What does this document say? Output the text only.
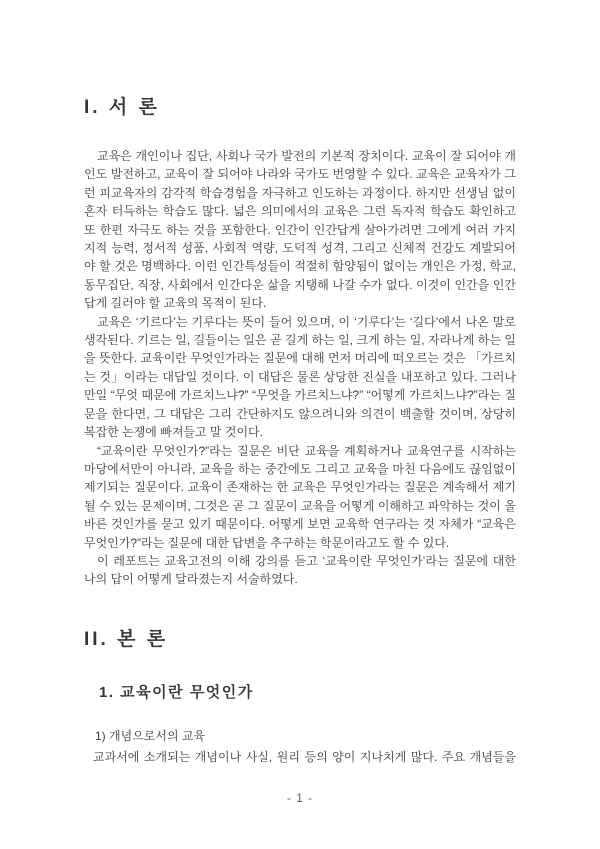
I. 서 론

교육은 개인이나 집단, 사회나 국가 발전의 기본적 장치이다. 교육이 잘 되어야 개인도 발전하고, 교육이 잘 되어야 나라와 국가도 번영할 수 있다. 교육은 교육자가 그런 피교육자의 감각적 학습경험을 자극하고 인도하는 과정이다. 하지만 선생님 없이 혼자 터득하는 학습도 많다. 넓은 의미에서의 교육은 그런 독자적 학습도 확인하고 또 한편 자극도 하는 것을 포함한다. 인간이 인간답게 살아가려면 그에게 여러 가지 지적 능력, 정서적 성품, 사회적 역량, 도덕적 성격, 그리고 신체적 건강도 계발되어야 할 것은 명백하다. 이런 인간특성들이 적절히 함양됨이 없이는 개인은 가정, 학교, 동무집단, 직장, 사회에서 인간다운 삶을 지탱해 나갈 수가 없다. 이것이 인간을 인간답게 길러야 할 교육의 목적이 된다.

교육은 ‘기르다’는 기루다는 뜻이 들어 있으며, 이 ‘기루다’는 ‘길다’에서 나온 말로 생각된다. 기르는 일, 길들이는 일은 곧 길게 하는 일, 크게 하는 일, 자라나게 하는 일을 뜻한다. 교육이란 무엇인가라는 질문에 대해 먼저 머리에 떠오르는 것은 「가르치는 것」이라는 대답일 것이다. 이 대답은 물론 상당한 진실을 내포하고 있다. 그러나 만일 “무엇 때문에 가르치느냐?” “무엇을 가르치느냐?” “어떻게 가르치느냐?”라는 질문을 한다면, 그 대답은 그리 간단하지도 않으려니와 의견이 백출할 것이며, 상당히 복잡한 논쟁에 빠져들고 말 것이다.

“교육이란 무엇인가?”라는 질문은 비단 교육을 계획하거나 교육연구를 시작하는 마당에서만이 아니라, 교육을 하는 중간에도 그리고 교육을 마친 다음에도 끊임없이 제기되는 질문이다. 교육이 존재하는 한 교육은 무엇인가라는 질문은 계속해서 제기될 수 있는 문제이며, 그것은 곧 그 질문이 교육을 어떻게 이해하고 파악하는 것이 올바른 것인가를 묻고 있기 때문이다. 어떻게 보면 교육학 연구라는 것 자체가 “교육은 무엇인가?”라는 질문에 대한 답변을 추구하는 학문이라고도 할 수 있다.

이 레포트는 교육고전의 이해 강의를 듣고 ‘교육이란 무엇인가’라는 질문에 대한 나의 답이 어떻게 달라졌는지 서술하였다.

II. 본 론
1. 교육이란 무엇인가
1) 개념으로서의 교육

교과서에 소개되는 개념이나 사실, 원리 등의 양이 지나치게 많다. 주요 개념들을

- 1 -
